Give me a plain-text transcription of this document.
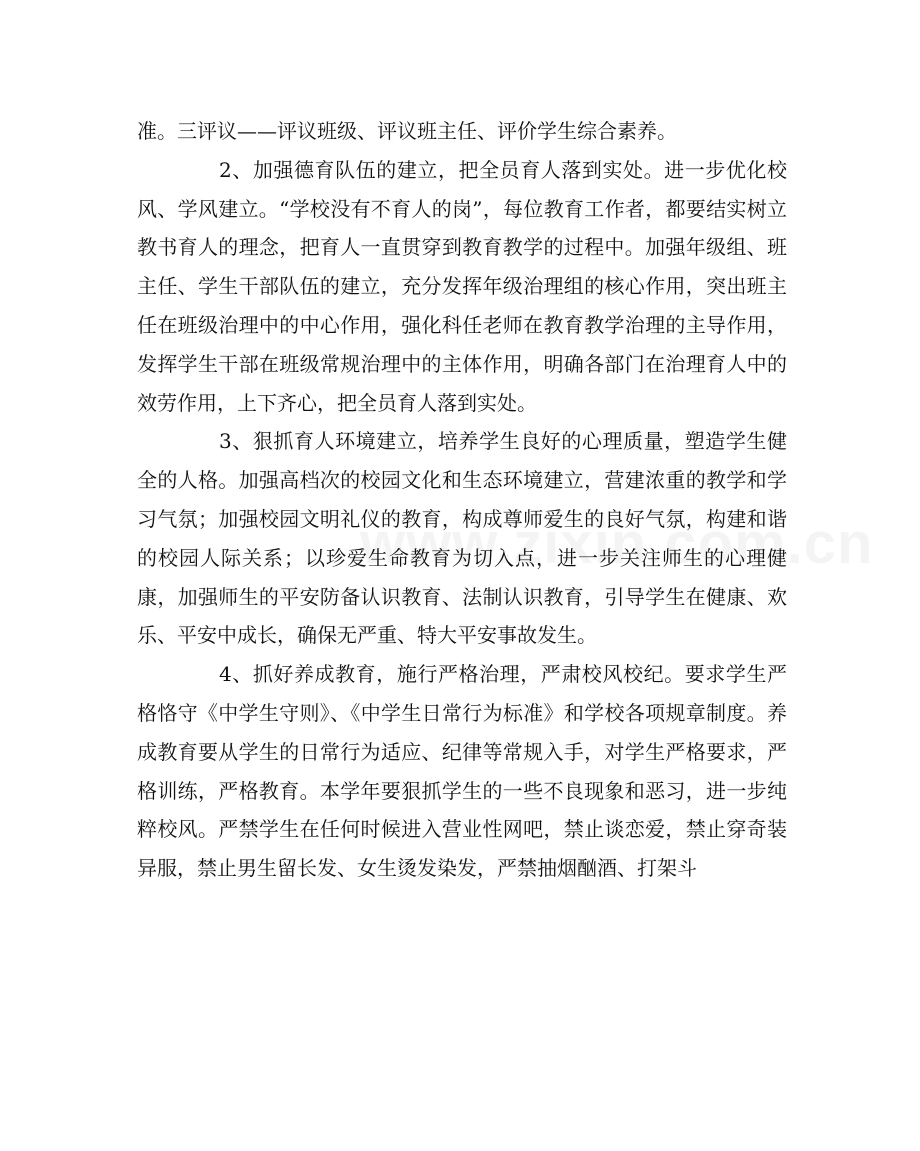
准。三评议——评议班级、评议班主任、评价学生综合素养。

2、加强德育队伍的建立，把全员育人落到实处。进一步优化校风、学风建立。“学校没有不育人的岗”，每位教育工作者，都要结实树立教书育人的理念，把育人一直贯穿到教育教学的过程中。加强年级组、班主任、学生干部队伍的建立，充分发挥年级治理组的核心作用，突出班主任在班级治理中的中心作用，强化科任老师在教育教学治理的主导作用，发挥学生干部在班级常规治理中的主体作用，明确各部门在治理育人中的效劳作用，上下齐心，把全员育人落到实处。

3、狠抓育人环境建立，培养学生良好的心理质量，塑造学生健全的人格。加强高档次的校园文化和生态环境建立，营建浓重的教学和学习气氛；加强校园文明礼仪的教育，构成尊师爱生的良好气氛，构建和谐的校园人际关系；以珍爱生命教育为切入点，进一步关注师生的心理健康，加强师生的平安防备认识教育、法制认识教育，引导学生在健康、欢乐、平安中成长，确保无严重、特大平安事故发生。

4、抓好养成教育，施行严格治理，严肃校风校纪。要求学生严格恪守《中学生守则》、《中学生日常行为标准》和学校各项规章制度。养成教育要从学生的日常行为适应、纪律等常规入手，对学生严格要求，严格训练，严格教育。本学年要狠抓学生的一些不良现象和恶习，进一步纯粹校风。严禁学生在任何时候进入营业性网吧，禁止谈恋爱，禁止穿奇装异服，禁止男生留长发、女生烫发染发，严禁抽烟酗酒、打架斗
